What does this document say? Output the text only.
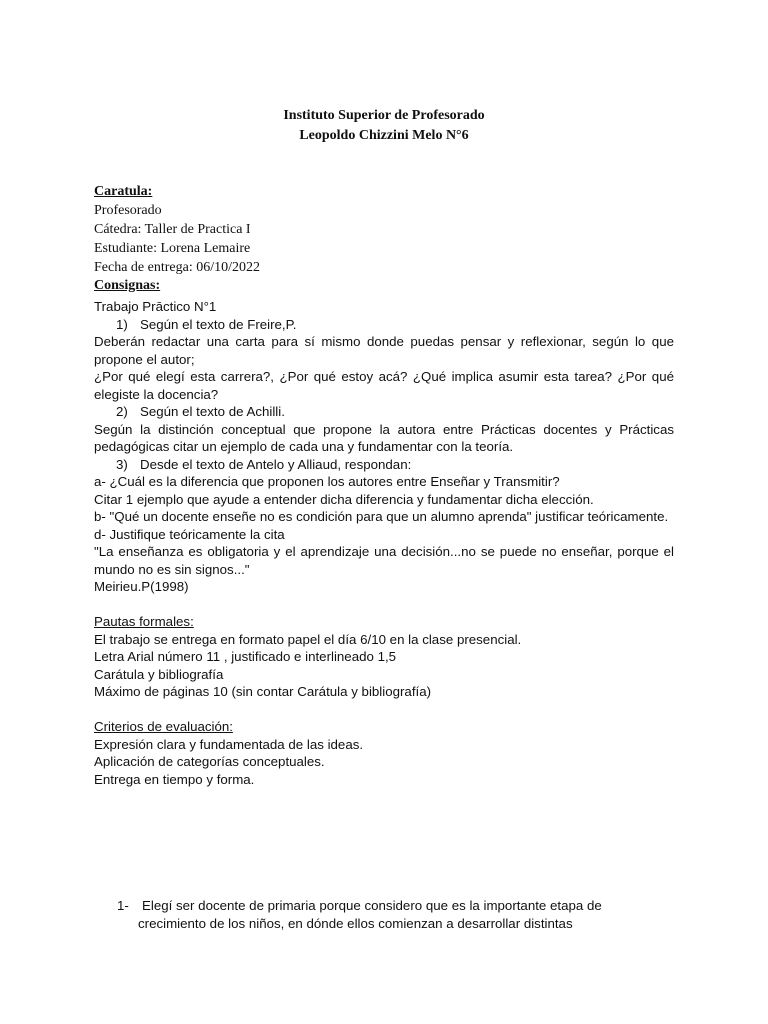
Instituto Superior de Profesorado
Leopoldo Chizzini Melo N°6
Caratula:
Profesorado
Cátedra: Taller de Practica I
Estudiante: Lorena Lemaire
Fecha de entrega: 06/10/2022
Consignas:

Trabajo Prāctico N°1

1) Según el texto de Freire,P.

Deberán redactar una carta para sí mismo donde puedas pensar y reflexionar, según lo que propone el autor;

¿Por qué elegí esta carrera?, ¿Por qué estoy acá? ¿Qué implica asumir esta tarea? ¿Por qué elegiste la docencia?

2) Según el texto de Achilli.

Según la distinción conceptual que propone la autora entre Prácticas docentes y Prácticas pedagógicas citar un ejemplo de cada una y fundamentar con la teoría.

3) Desde el texto de Antelo y Alliaud, respondan:

a- ¿Cuál es la diferencia que proponen los autores entre Enseñar y Transmitir?

Citar 1 ejemplo que ayude a entender dicha diferencia y fundamentar dicha elección.

b- "Qué un docente enseñe no es condición para que un alumno aprenda" justificar teóricamente.

d- Justifique teóricamente la cita

"La enseñanza es obligatoria y el aprendizaje una decisión...no se puede no enseñar, porque el mundo no es sin signos..."

Meirieu.P(1998)

Pautas formales:

El trabajo se entrega en formato papel el día 6/10 en la clase presencial.

Letra Arial número 11 , justificado e interlineado 1,5

Carátula y bibliografía

Máximo de páginas 10 (sin contar Carátula y bibliografía)

Criterios de evaluación:

Expresión clara y fundamentada de las ideas.

Aplicación de categorías conceptuales.

Entrega en tiempo y forma.

1- Elegí ser docente de primaria porque considero que es la importante etapa de
crecimiento de los niños, en dónde ellos comienzan a desarrollar distintas
